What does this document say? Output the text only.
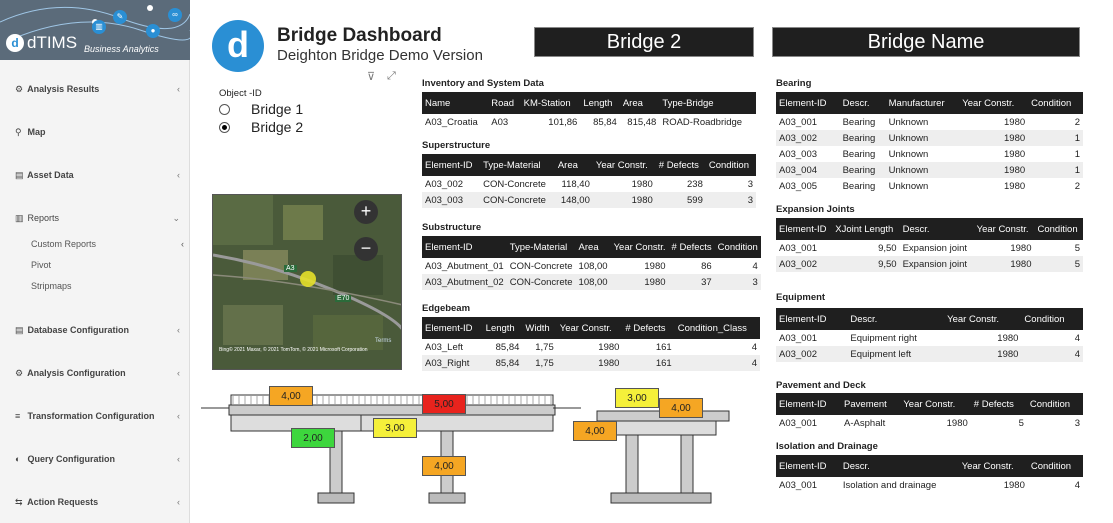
▥
✎
●
∞
d dTIMS Business Analytics
⚙ Analysis Results	‹
⚲ Map
▤ Asset Data	‹
▥ Reports	⌄
Custom Reports	‹
Pivot
Stripmaps
▤ Database Configuration	‹
⚙ Analysis Configuration	‹
≡ Transformation Configuration ‹
◐ Query Configuration	‹
⇆ Action Requests	‹
d	Bridge Dashboard
Deighton Bridge Demo Version
Bridge 2	Bridge Name
⊽ ⤢
Object -ID
Bridge 1
Bridge 2
A3
E70
+
−
Bing© 2021 Maxar, © 2021 TomTom, © 2021 Microsoft Corporation
Terms
Inventory and System Data
Name	Road	KM-Station	Length	Area	Type-Bridge
A03_Croatia	A03	101,86	85,84	815,48	ROAD-Roadbridge
Superstructure
Element-ID	Type-Material	Area	Year Constr.	# Defects	Condition
A03_002	CON-Concrete	118,40	1980	238	3
A03_003	CON-Concrete	148,00	1980	599	3
Substructure
Element-ID	Type-Material	Area	Year Constr.	# Defects	Condition
A03_Abutment_01	CON-Concrete	108,00	1980	86	4
A03_Abutment_02	CON-Concrete	108,00	1980	37	3
Edgebeam
Element-ID	Length	Width	Year Constr.	# Defects	Condition_Class
A03_Left	85,84	1,75	1980	161	4
A03_Right	85,84	1,75	1980	161	4
Bearing
Element-ID	Descr.	Manufacturer	Year Constr.	Condition
A03_001	Bearing	Unknown	1980	2
A03_002	Bearing	Unknown	1980	1
A03_003	Bearing	Unknown	1980	1
A03_004	Bearing	Unknown	1980	1
A03_005	Bearing	Unknown	1980	2
Expansion Joints
Element-ID	XJoint Length	Descr.	Year Constr.	Condition
A03_001	9,50	Expansion joint	1980	5
A03_002	9,50	Expansion joint	1980	5
Equipment
Element-ID	Descr.	Year Constr.	Condition
A03_001	Equipment right	1980	4
A03_002	Equipment left	1980	4
Pavement and Deck
Element-ID	Pavement	Year Constr.	# Defects	Condition
A03_001	A-Asphalt	1980	5	3
Isolation and Drainage
Element-ID	Descr.	Year Constr.	Condition
A03_001	Isolation and drainage	1980	4
4,00
5,00
2,00
3,00
4,00
3,00
4,00
4,00
